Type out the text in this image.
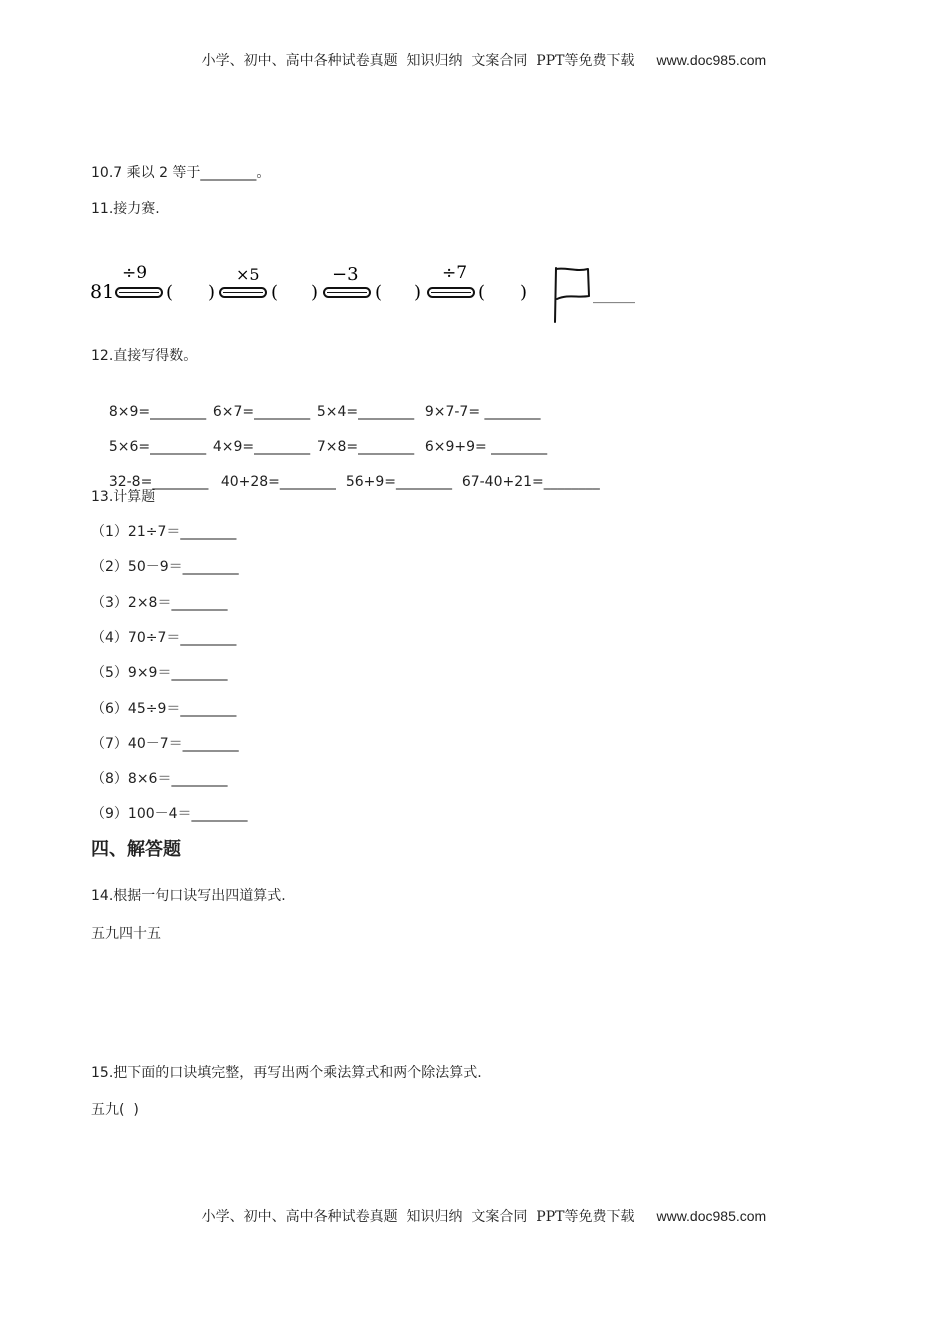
小学、初中、高中各种试卷真题  知识归纳  文案合同  PPT等免费下载 www.doc985.com

10.7 乘以 2 等于________。
11.接力赛.
81
÷9
( )
×5
( )
−3
( )
÷7
( )	______
12.直接写得数。

8×9=________ 6×7=________ 5×4=________ 9×7-7= ________

5×6=________ 4×9=________ 7×8=________ 6×9+9= ________

32-8=________ 40+28=________ 56+9=________ 67-40+21=________

13.计算题
（1）21÷7＝________
（2）50－9＝________
（3）2×8＝________
（4）70÷7＝________
（5）9×9＝________
（6）45÷9＝________
（7）40－7＝________
（8）8×6＝________
（9）100－4＝________
四、解答题
14.根据一句口诀写出四道算式.
五九四十五
15.把下面的口诀填完整，再写出两个乘法算式和两个除法算式.
五九(  )

小学、初中、高中各种试卷真题  知识归纳  文案合同  PPT等免费下载 www.doc985.com
